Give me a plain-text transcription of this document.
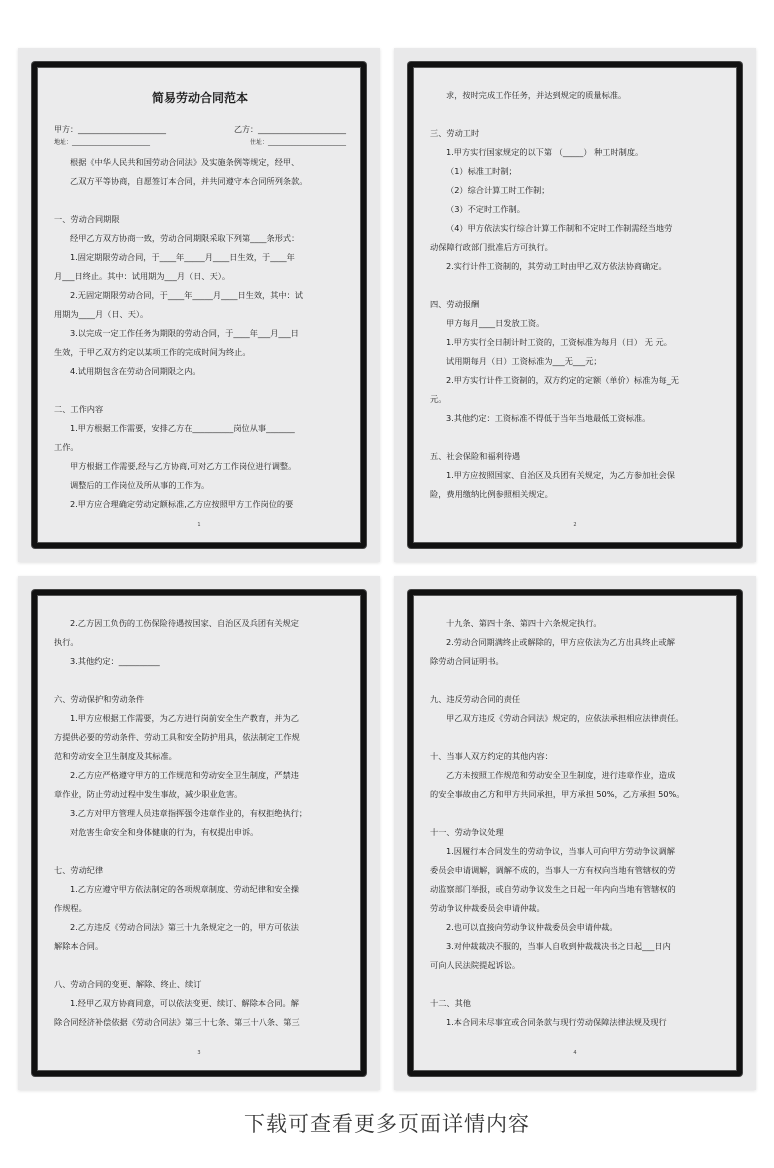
简易劳动合同范本
甲方：______________________	乙方：______________________
地址：__________________________	住址：__________________________

根据《中华人民共和国劳动合同法》及实施条例等规定，经甲、

乙双方平等协商，自愿签订本合同，并共同遵守本合同所列条款。

一、劳动合同期限

经甲乙方双方协商一致，劳动合同期限采取下列第____条形式：

1.固定期限劳动合同，于____年_____月____日生效，于____年

月___日终止。其中：试用期为___月（日、天）。

2.无固定期限劳动合同，于____年_____月____日生效，其中：试

用期为____月（日、天）。

3.以完成一定工作任务为期限的劳动合同，于____年___月___日

生效，于甲乙双方约定以某项工作的完成时间为终止。

4.试用期包含在劳动合同期限之内。

二、工作内容

1.甲方根据工作需要，安排乙方在__________岗位从事_______

工作。

甲方根据工作需要,经与乙方协商,可对乙方工作岗位进行调整。

调整后的工作岗位及所从事的工作为。

2.甲方应合理确定劳动定额标准,乙方应按照甲方工作岗位的要

1

求，按时完成工作任务，并达到规定的质量标准。

三、劳动工时

1.甲方实行国家规定的以下第 （_____） 种工时制度。

（1）标准工时制；

（2）综合计算工时工作制；

（3）不定时工作制。

（4）甲方依法实行综合计算工作制和不定时工作制需经当地劳

动保障行政部门批准后方可执行。

2.实行计件工资制的，其劳动工时由甲乙双方依法协商确定。

四、劳动报酬

甲方每月____日发放工资。

1.甲方实行全日制计时工资的，工资标准为每月（日） 无 元。

试用期每月（日）工资标准为___无___元；

2.甲方实行计件工资制的，双方约定的定额（单价）标准为每_无

元。

3.其他约定：工资标准不得低于当年当地最低工资标准。

五、社会保险和福利待遇

1.甲方应按照国家、自治区及兵团有关规定，为乙方参加社会保

险，费用缴纳比例参照相关规定。

2

2.乙方因工负伤的工伤保险待遇按国家、自治区及兵团有关规定

执行。

3.其他约定：__________

六、劳动保护和劳动条件

1.甲方应根据工作需要，为乙方进行岗前安全生产教育，并为乙

方提供必要的劳动条件、劳动工具和安全防护用具，依法制定工作规

范和劳动安全卫生制度及其标准。

2.乙方应严格遵守甲方的工作规范和劳动安全卫生制度，严禁违

章作业，防止劳动过程中发生事故，减少职业危害。

3.乙方对甲方管理人员违章指挥强令违章作业的，有权拒绝执行；

对危害生命安全和身体健康的行为，有权提出申诉。

七、劳动纪律

1.乙方应遵守甲方依法制定的各项规章制度、劳动纪律和安全操

作规程。

2.乙方违反《劳动合同法》第三十九条规定之一的，甲方可依法

解除本合同。

八、劳动合同的变更、解除、终止、续订

1.经甲乙双方协商同意，可以依法变更、续订、解除本合同。解

除合同经济补偿依据《劳动合同法》第三十七条、第三十八条、第三

3

十九条、第四十条、第四十六条规定执行。

2.劳动合同期满终止或解除的，甲方应依法为乙方出具终止或解

除劳动合同证明书。

九、违反劳动合同的责任

甲乙双方违反《劳动合同法》规定的，应依法承担相应法律责任。

十、当事人双方约定的其他内容：

乙方未按照工作规范和劳动安全卫生制度，进行违章作业，造成

的安全事故由乙方和甲方共同承担，甲方承担 50%，乙方承担 50%。

十一、劳动争议处理

1.因履行本合同发生的劳动争议，当事人可向甲方劳动争议调解

委员会申请调解，调解不成的，当事人一方有权向当地有管辖权的劳

动监察部门举报，或自劳动争议发生之日起一年内向当地有管辖权的

劳动争议仲裁委员会申请仲裁。

2.也可以直接向劳动争议仲裁委员会申请仲裁。

3.对仲裁裁决不服的，当事人自收到仲裁裁决书之日起___日内

可向人民法院提起诉讼。

十二、其他

1.本合同未尽事宜或合同条款与现行劳动保障法律法规及现行

4
下载可查看更多页面详情内容
